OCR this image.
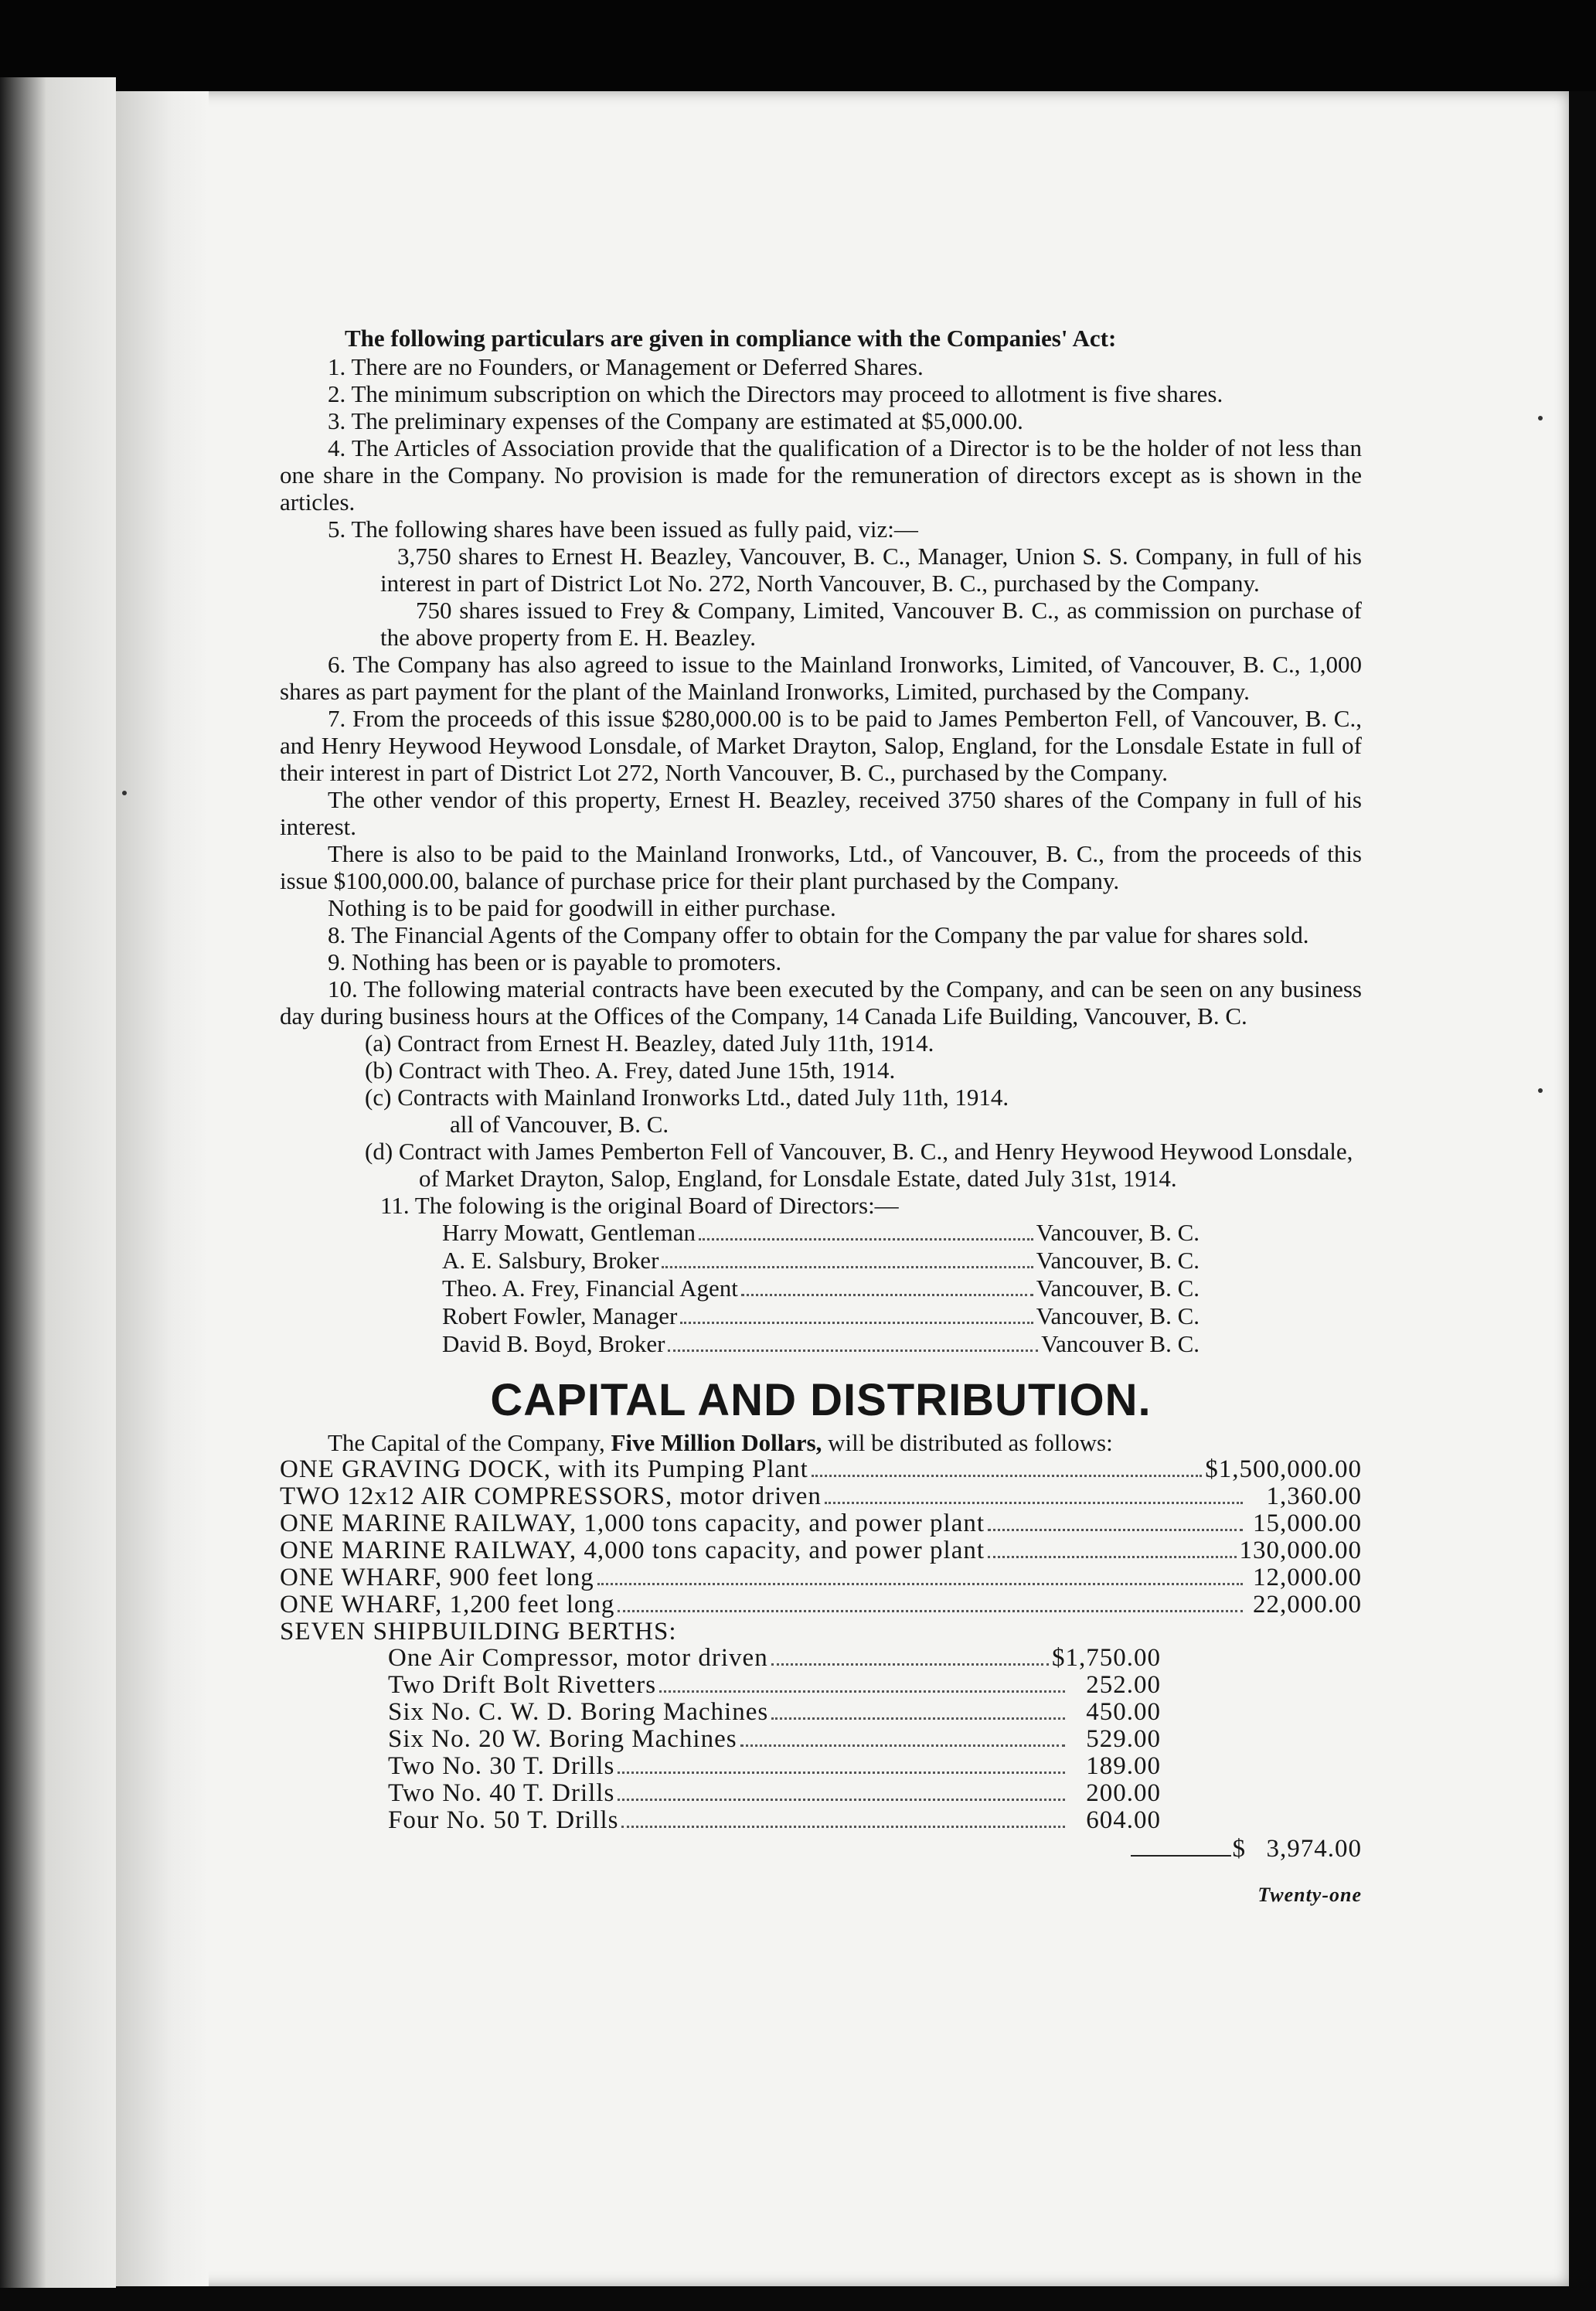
The following particulars are given in compliance with the Companies' Act:

1. There are no Founders, or Management or Deferred Shares.

2. The minimum subscription on which the Directors may proceed to allotment is five shares.

3. The preliminary expenses of the Company are estimated at $5,000.00.

4. The Articles of Association provide that the qualification of a Director is to be the holder of not less than one share in the Company. No provision is made for the remuneration of directors except as is shown in the articles.

5. The following shares have been issued as fully paid, viz:—

3,750 shares to Ernest H. Beazley, Vancouver, B. C., Manager, Union S. S. Company, in full of his interest in part of District Lot No. 272, North Vancouver, B. C., purchased by the Company.

750 shares issued to Frey & Company, Limited, Vancouver B. C., as commission on purchase of the above property from E. H. Beazley.

6. The Company has also agreed to issue to the Mainland Ironworks, Limited, of Vancouver, B. C., 1,000 shares as part payment for the plant of the Mainland Ironworks, Limited, purchased by the Company.

7. From the proceeds of this issue $280,000.00 is to be paid to James Pemberton Fell, of Vancouver, B. C., and Henry Heywood Heywood Lonsdale, of Market Drayton, Salop, England, for the Lonsdale Estate in full of their interest in part of District Lot 272, North Vancouver, B. C., purchased by the Company.

The other vendor of this property, Ernest H. Beazley, received 3750 shares of the Company in full of his interest.

There is also to be paid to the Mainland Ironworks, Ltd., of Vancouver, B. C., from the proceeds of this issue $100,000.00, balance of purchase price for their plant purchased by the Company.

Nothing is to be paid for goodwill in either purchase.

8. The Financial Agents of the Company offer to obtain for the Company the par value for shares sold.

9. Nothing has been or is payable to promoters.

10. The following material contracts have been executed by the Company, and can be seen on any business day during business hours at the Offices of the Company, 14 Canada Life Building, Vancouver, B. C.

(a) Contract from Ernest H. Beazley, dated July 11th, 1914.

(b) Contract with Theo. A. Frey, dated June 15th, 1914.

(c) Contracts with Mainland Ironworks Ltd., dated July 11th, 1914.
all of Vancouver, B. C.

(d) Contract with James Pemberton Fell of Vancouver, B. C., and Henry Heywood Heywood Lonsdale, of Market Drayton, Salop, England, for Lonsdale Estate, dated July 31st, 1914.

11. The folowing is the original Board of Directors:—

Harry Mowatt, Gentleman	Vancouver, B. C.
A. E. Salsbury, Broker	Vancouver, B. C.
Theo. A. Frey, Financial Agent	Vancouver, B. C.
Robert Fowler, Manager	Vancouver, B. C.
David B. Boyd, Broker	Vancouver B. C.
CAPITAL AND DISTRIBUTION.

The Capital of the Company, Five Million Dollars, will be distributed as follows:

ONE GRAVING DOCK, with its Pumping Plant	$1,500,000.00
TWO 12x12 AIR COMPRESSORS, motor driven	1,360.00
ONE MARINE RAILWAY, 1,000 tons capacity, and power plant	15,000.00
ONE MARINE RAILWAY, 4,000 tons capacity, and power plant	130,000.00
ONE WHARF, 900 feet long	12,000.00
ONE WHARF, 1,200 feet long	22,000.00

SEVEN SHIPBUILDING BERTHS:

One Air Compressor, motor driven	$1,750.00
Two Drift Bolt Rivetters	252.00
Six No. C. W. D. Boring Machines	450.00
Six No. 20 W. Boring Machines	529.00
Two No. 30 T. Drills	189.00
Two No. 40 T. Drills	200.00
Four No. 50 T. Drills	604.00
$ 3,974.00
Twenty-one
